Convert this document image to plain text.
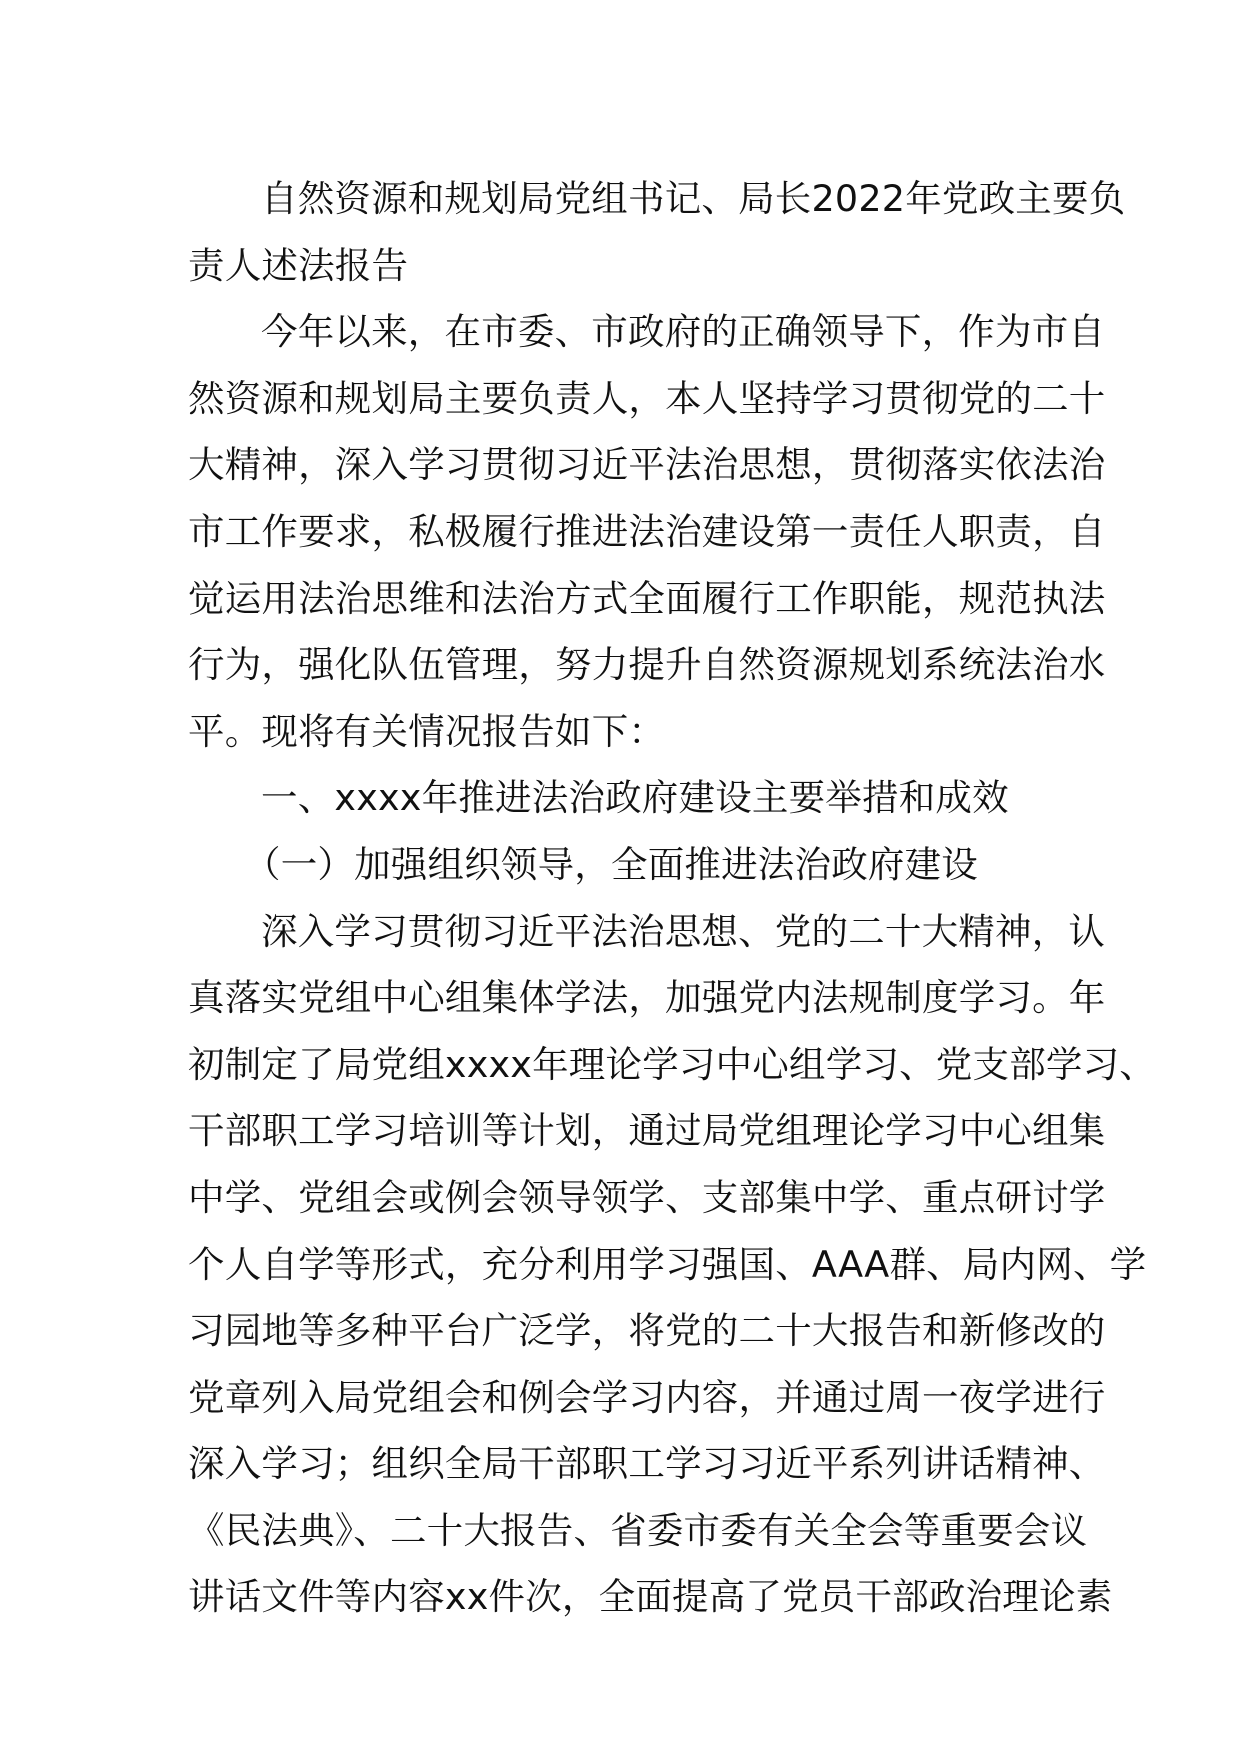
自然资源和规划局党组书记、局长2022年党政主要负
责人述法报告
今年以来，在市委、市政府的正确领导下，作为市自
然资源和规划局主要负责人，本人坚持学习贯彻党的二十
大精神，深入学习贯彻习近平法治思想，贯彻落实依法治
市工作要求，私极履行推进法治建设第一责任人职责，自
觉运用法治思维和法治方式全面履行工作职能，规范执法
行为，强化队伍管理，努力提升自然资源规划系统法治水
平。现将有关情况报告如下：
一、xxxx年推进法治政府建设主要举措和成效
（一）加强组织领导，全面推进法治政府建设
深入学习贯彻习近平法治思想、党的二十大精神，认
真落实党组中心组集体学法，加强党内法规制度学习。年
初制定了局党组xxxx年理论学习中心组学习、党支部学习、
干部职工学习培训等计划，通过局党组理论学习中心组集
中学、党组会或例会领导领学、支部集中学、重点研讨学
个人自学等形式，充分利用学习强国、AAA群、局内网、学
习园地等多种平台广泛学，将党的二十大报告和新修改的
党章列入局党组会和例会学习内容，并通过周一夜学进行
深入学习；组织全局干部职工学习习近平系列讲话精神、
《民法典》、二十大报告、省委市委有关全会等重要会议
讲话文件等内容xx件次，全面提高了党员干部政治理论素
